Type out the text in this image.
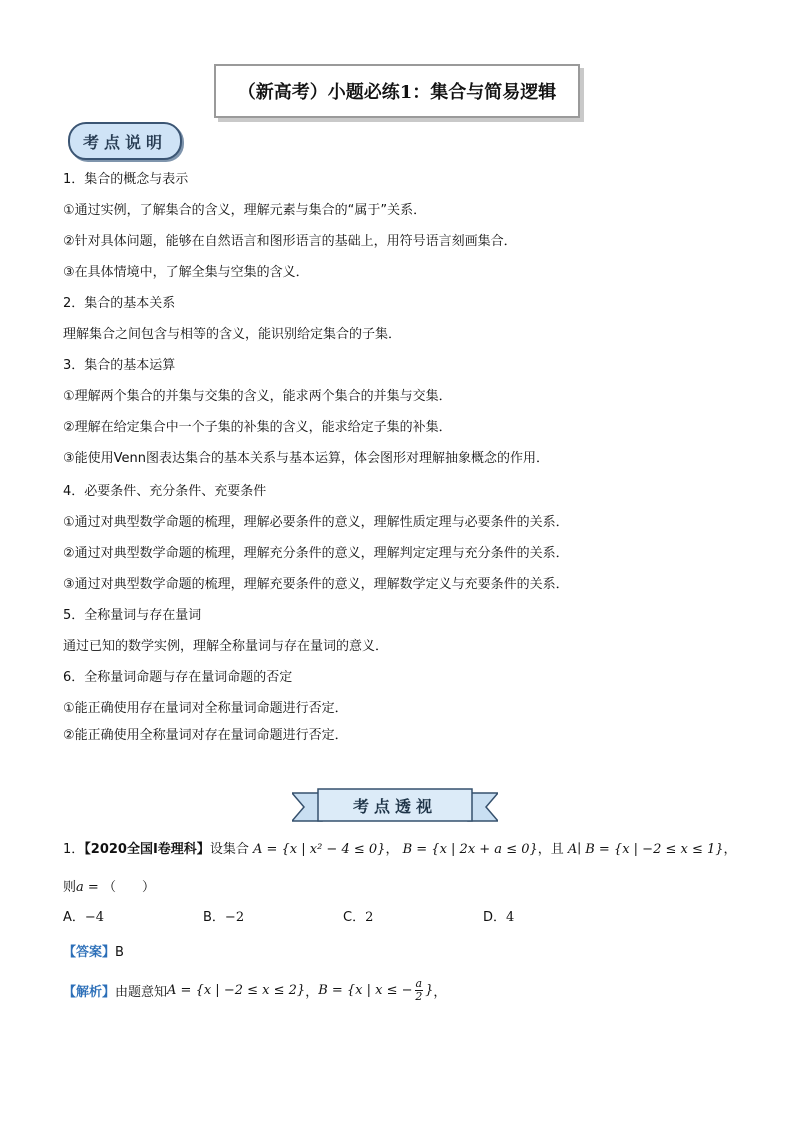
（新高考）小题必练1：集合与简易逻辑
考点说明
1．集合的概念与表示
①通过实例，了解集合的含义，理解元素与集合的“属于”关系．
②针对具体问题，能够在自然语言和图形语言的基础上，用符号语言刻画集合．
③在具体情境中，了解全集与空集的含义．
2．集合的基本关系
理解集合之间包含与相等的含义，能识别给定集合的子集．
3．集合的基本运算
①理解两个集合的并集与交集的含义，能求两个集合的并集与交集．
②理解在给定集合中一个子集的补集的含义，能求给定子集的补集．
③能使用Venn图表达集合的基本关系与基本运算，体会图形对理解抽象概念的作用．
4．必要条件、充分条件、充要条件
①通过对典型数学命题的梳理，理解必要条件的意义，理解性质定理与必要条件的关系．
②通过对典型数学命题的梳理，理解充分条件的意义，理解判定定理与充分条件的关系．
③通过对典型数学命题的梳理，理解充要条件的意义，理解数学定义与充要条件的关系．
5．全称量词与存在量词
通过已知的数学实例，理解全称量词与存在量词的意义．
6．全称量词命题与存在量词命题的否定
①能正确使用存在量词对全称量词命题进行否定．
②能正确使用全称量词对存在量词命题进行否定．
考点透视
1．【2020全国Ⅰ卷理科】设集合 A = {x | x² − 4 ≤ 0}， B = {x | 2x + a ≤ 0}，且 A∣ B = {x | −2 ≤ x ≤ 1}，
则a = （　　）
A．−4	B．−2	C．2	D．4
【答案】B
【解析】 由题意知 A = {x | −2 ≤ x ≤ 2} ， B = {x | x ≤ − $\frac{a}{2}$ } ，
